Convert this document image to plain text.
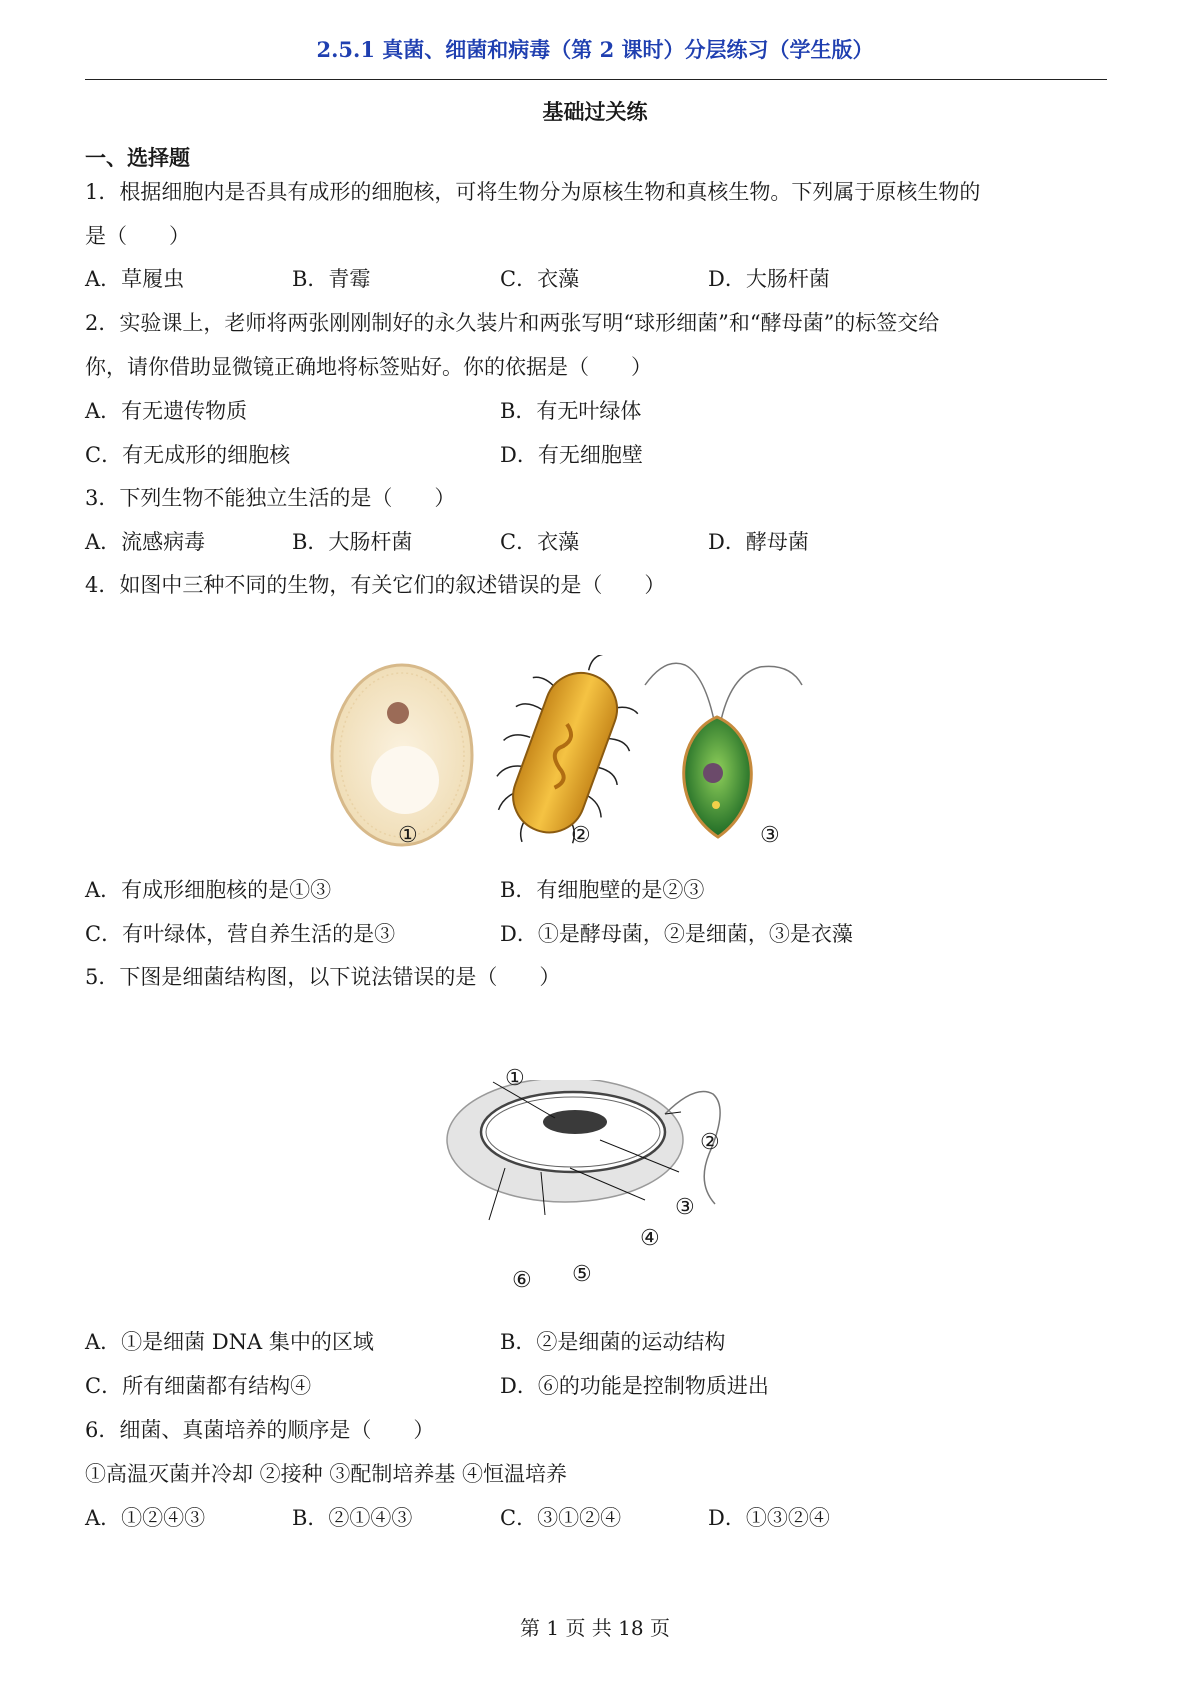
2.5.1 真菌、细菌和病毒（第 2 课时）分层练习（学生版）
基础过关练
一、选择题
1．根据细胞内是否具有成形的细胞核，可将生物分为原核生物和真核生物。下列属于原核生物的
是（　　）
A．草履虫	B．青霉	C．衣藻	D．大肠杆菌
2．实验课上，老师将两张刚刚制好的永久装片和两张写明“球形细菌”和“酵母菌”的标签交给
你，请你借助显微镜正确地将标签贴好。你的依据是（　　）
A．有无遗传物质	B．有无叶绿体
C．有无成形的细胞核	D．有无细胞壁
3．下列生物不能独立生活的是（　　）
A．流感病毒	B．大肠杆菌	C．衣藻	D．酵母菌
4．如图中三种不同的生物，有关它们的叙述错误的是（　　）
①	②	③
A．有成形细胞核的是①③	B．有细胞壁的是②③
C．有叶绿体，营自养生活的是③	D．①是酵母菌，②是细菌，③是衣藻
5．下图是细菌结构图，以下说法错误的是（　　）
①
②
③
④
⑤
⑥
A．①是细菌 DNA 集中的区域	B．②是细菌的运动结构
C．所有细菌都有结构④	D．⑥的功能是控制物质进出
6．细菌、真菌培养的顺序是（　　）
①高温灭菌并冷却 ②接种 ③配制培养基 ④恒温培养
A．①②④③	B．②①④③	C．③①②④	D．①③②④
第 1 页 共 18 页
